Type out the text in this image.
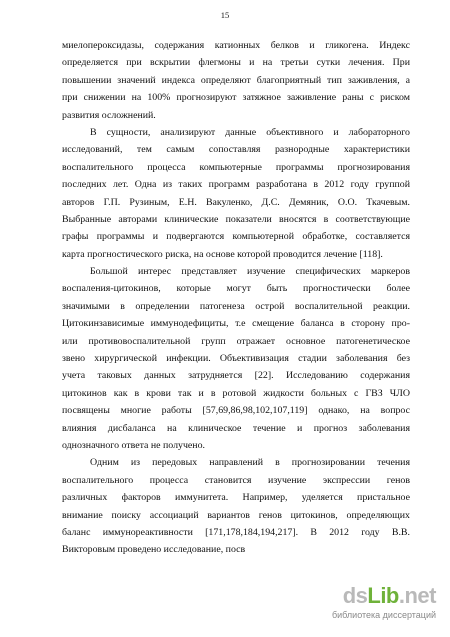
15
миелопероксидазы, содержания катионных белков и гликогена. Индекс
определяется при вскрытии флегмоны и на третьи сутки лечения. При
повышении значений индекса определяют благоприятный тип заживления, а
при снижении на 100% прогнозируют затяжное заживление раны с риском
развития осложнений.
В сущности, анализируют данные объективного и лабораторного
исследований, тем самым сопоставляя разнородные характеристики
воспалительного процесса компьютерные программы прогнозирования
последних лет. Одна из таких программ разработана в 2012 году группой
авторов Г.П. Рузиным, Е.Н. Вакуленко, Д.С. Демяник, О.О. Ткачевым.
Выбранные авторами клинические показатели вносятся в соответствующие
графы программы и подвергаются компьютерной обработке, составляется
карта прогностического риска, на основе которой проводится лечение [118].
Большой интерес представляет изучение специфических маркеров
воспаления-цитокинов, которые могут быть прогностически более
значимыми в определении патогенеза острой воспалительной реакции.
Цитокинзависимые иммунодефициты, т.е смещение баланса в сторону про-
или противовоспалительной групп отражает основное патогенетическое
звено хирургической инфекции. Объективизация стадии заболевания без
учета таковых данных затрудняется [22]. Исследованию содержания
цитокинов как в крови так и в ротовой жидкости больных с ГВЗ ЧЛО
посвящены многие работы [57,69,86,98,102,107,119] однако, на вопрос
влияния дисбаланса на клиническое течение и прогноз заболевания
однозначного ответа не получено.
Одним из передовых направлений в прогнозировании течения
воспалительного процесса становится изучение экспрессии генов
различных факторов иммунитета. Например, уделяется пристальное
внимание поиску ассоциаций вариантов генов цитокинов, определяющих
баланс иммунореактивности [171,178,184,194,217]. В 2012 году В.В.
Викторовым проведено исследование, посв
dsLib.net
библиотека диссертаций
